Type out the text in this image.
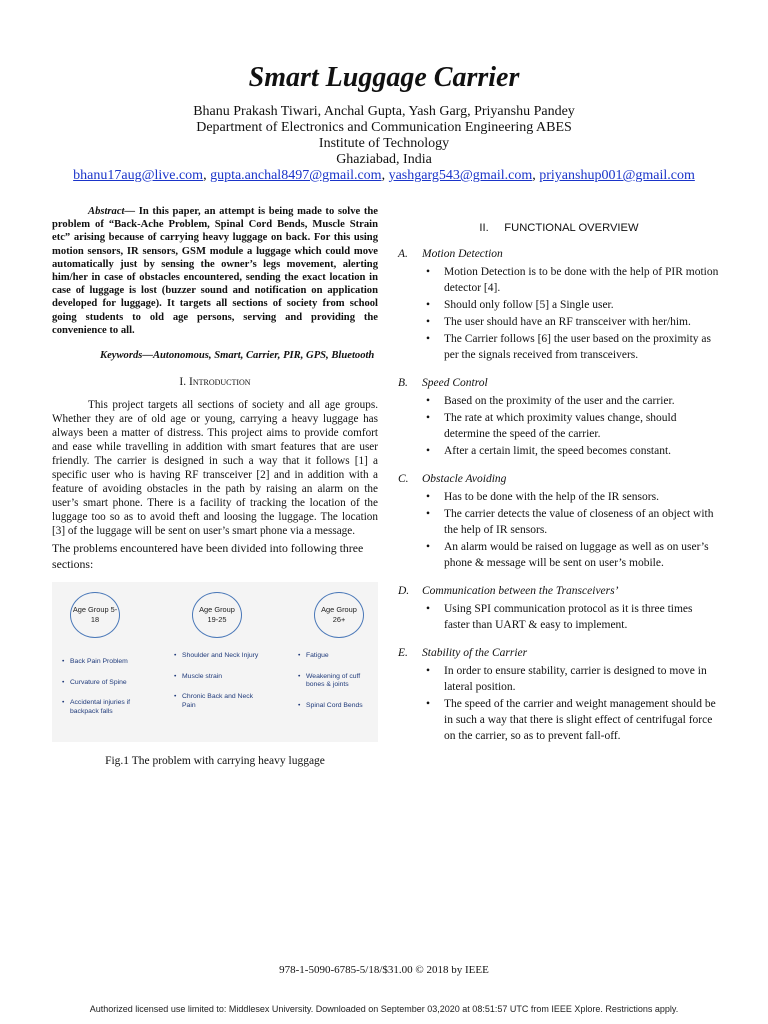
Smart Luggage Carrier
Bhanu Prakash Tiwari, Anchal Gupta, Yash Garg, Priyanshu Pandey
Department of Electronics and Communication Engineering ABES
Institute of Technology
Ghaziabad, India
bhanu17aug@live.com, gupta.anchal8497@gmail.com, yashgarg543@gmail.com, priyanshup001@gmail.com

Abstract— In this paper, an attempt is being made to solve the problem of “Back-Ache Problem, Spinal Cord Bends, Muscle Strain etc” arising because of carrying heavy luggage on back. For this using motion sensors, IR sensors, GSM module a luggage which could move automatically just by sensing the owner’s legs movement, alerting him/her in case of obstacles encountered, sending the exact location in case of luggage is lost (buzzer sound and notification on application developed for luggage). It targets all sections of society from school going students to old age persons, serving and providing the convenience to all.

Keywords—Autonomous, Smart, Carrier, PIR, GPS, Bluetooth

I. Introduction

This project targets all sections of society and all age groups. Whether they are of old age or young, carrying a heavy luggage has always been a matter of distress. This project aims to provide comfort and ease while travelling in addition with smart features that are user friendly. The carrier is designed in such a way that it follows [1] a specific user who is having RF transceiver [2] and in addition with a feature of avoiding obstacles in the path by raising an alarm on the user’s smart phone. There is a facility of tracking the location of the luggage too so as to avoid theft and loosing the luggage. The location [3] of the luggage will be sent on user’s smart phone via a message.

The problems encountered have been divided into following three sections:

Age Group 5-18
Age Group 19-25
Age Group 26+
• Back Pain Problem
• Curvature of Spine
• Accidental injuries if backpack falls
• Shoulder and Neck Injury
• Muscle strain
• Chronic Back and Neck Pain
• Fatigue
• Weakening of cuff bones & joints
• Spinal Cord Bends
Fig.1 The problem with carrying heavy luggage
II.     FUNCTIONAL OVERVIEW
A.	Motion Detection
• Motion Detection is to be done with the help of PIR motion detector [4].
• Should only follow [5] a Single user.
• The user should have an RF transceiver with her/him.
• The Carrier follows [6] the user based on the proximity as per the signals received from transceivers.
B.	Speed Control
• Based on the proximity of the user and the carrier.
• The rate at which proximity values change, should determine the speed of the carrier.
• After a certain limit, the speed becomes constant.
C.	Obstacle Avoiding
• Has to be done with the help of the IR sensors.
• The carrier detects the value of closeness of an object with the help of IR sensors.
• An alarm would be raised on luggage as well as on user’s phone & message will be sent on user’s mobile.
D.	Communication between the Transceivers’
• Using SPI communication protocol as it is three times faster than UART & easy to implement.
E.	Stability of the Carrier
• In order to ensure stability, carrier is designed to move in lateral position.
• The speed of the carrier and weight management should be in such a way that there is slight effect of centrifugal force on the carrier, so as to prevent fall-off.
978-1-5090-6785-5/18/$31.00 © 2018 by IEEE
Authorized licensed use limited to: Middlesex University. Downloaded on September 03,2020 at 08:51:57 UTC from IEEE Xplore. Restrictions apply.
